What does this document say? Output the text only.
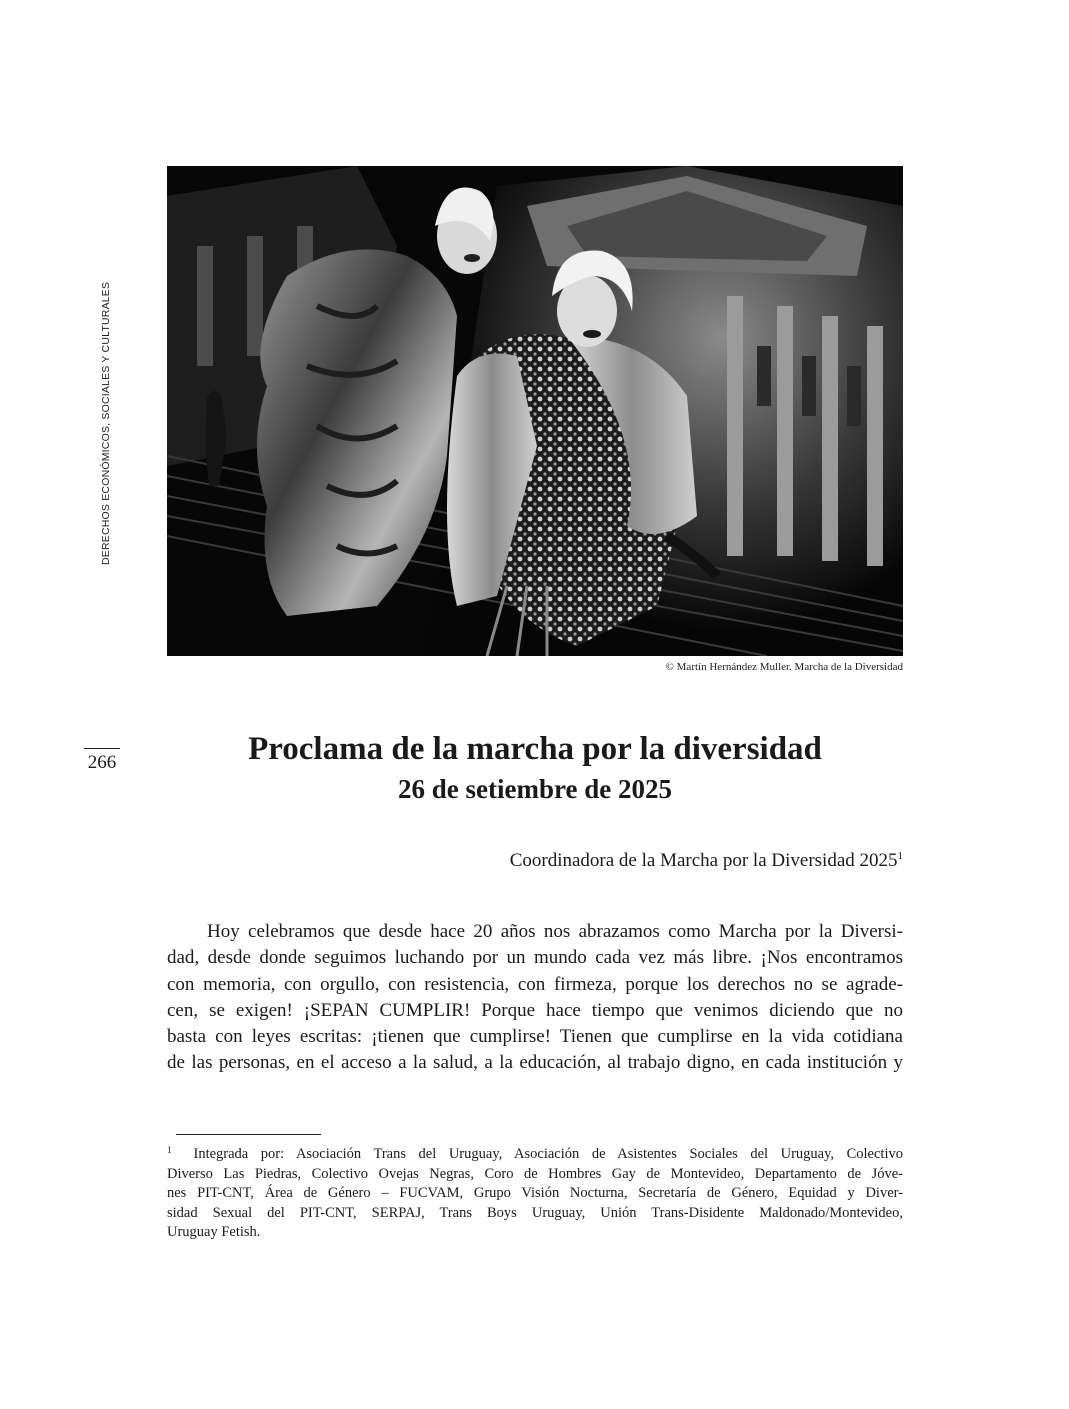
DERECHOS ECONÓMICOS, SOCIALES Y CULTURALES
© Martín Hernández Muller. Marcha de la Diversidad
266	Proclama de la marcha por la diversidad
26 de setiembre de 2025
Coordinadora de la Marcha por la Diversidad 2025$^1$

Hoy celebramos que desde hace 20 años nos abrazamos como Marcha por la Diversi-
dad, desde donde seguimos luchando por un mundo cada vez más libre. ¡Nos encontramos
con memoria, con orgullo, con resistencia, con firmeza, porque los derechos no se agrade-
cen, se exigen! ¡SEPAN CUMPLIR! Porque hace tiempo que venimos diciendo que no
basta con leyes escritas: ¡tienen que cumplirse! Tienen que cumplirse en la vida cotidiana
de las personas, en el acceso a la salud, a la educación, al trabajo digno, en cada institución y

$^1$ Integrada por: Asociación Trans del Uruguay, Asociación de Asistentes Sociales del Uruguay, Colectivo
Diverso Las Piedras, Colectivo Ovejas Negras, Coro de Hombres Gay de Montevideo, Departamento de Jóve-
nes PIT-CNT, Área de Género – FUCVAM, Grupo Visión Nocturna, Secretaría de Género, Equidad y Diver-
sidad Sexual del PIT-CNT, SERPAJ, Trans Boys Uruguay, Unión Trans-Disidente Maldonado/Montevideo,
Uruguay Fetish.
